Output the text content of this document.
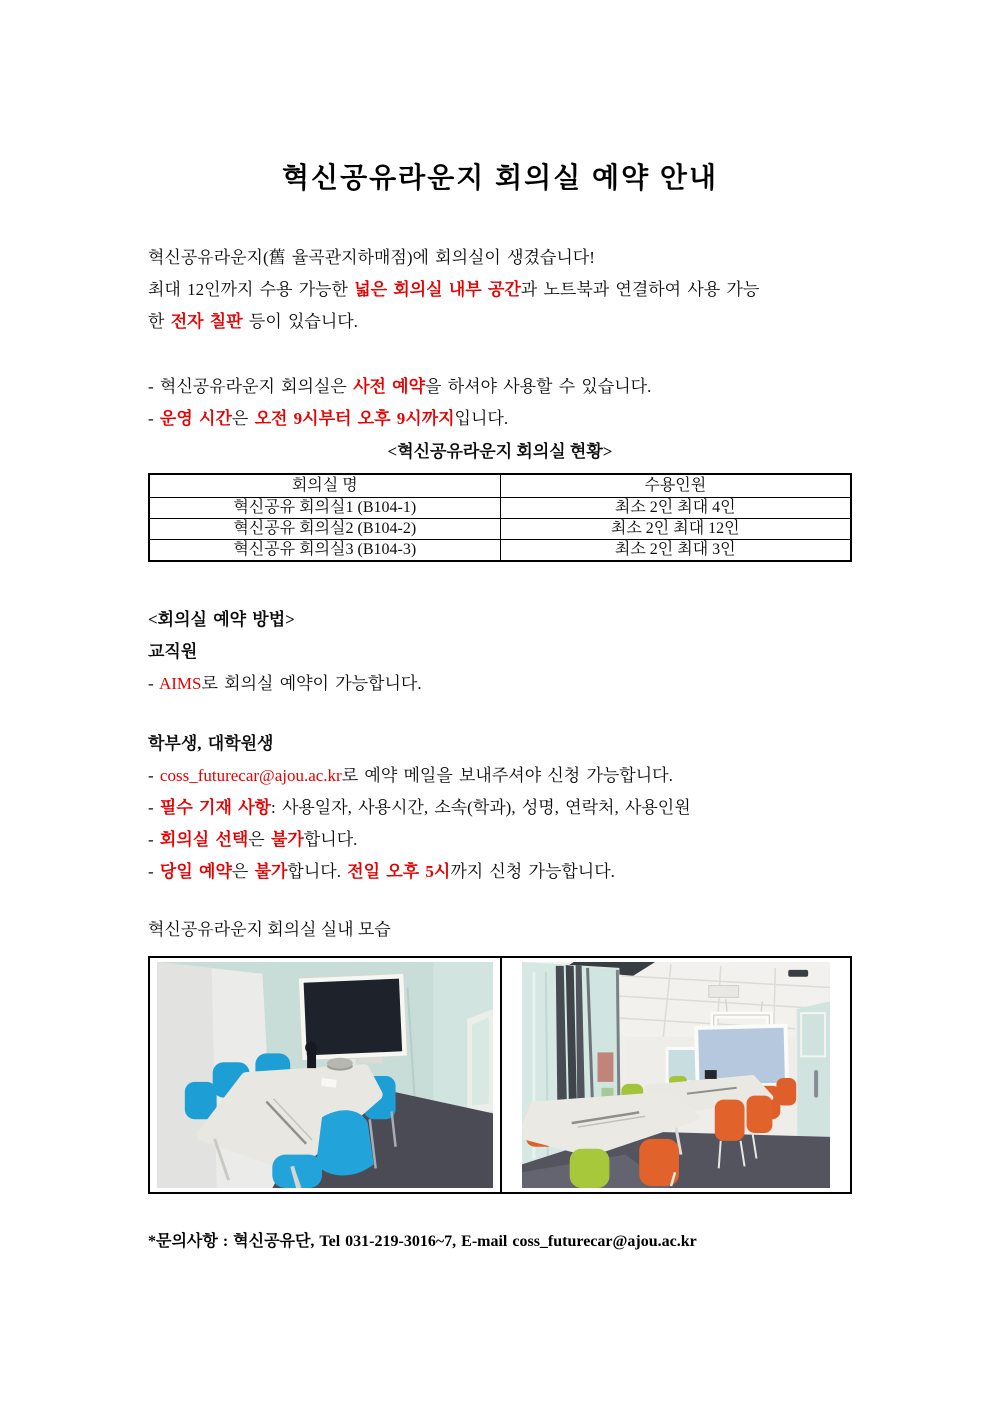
혁신공유라운지 회의실 예약 안내
혁신공유라운지(舊 율곡관지하매점)에 회의실이 생겼습니다!
최대 12인까지 수용 가능한 넓은 회의실 내부 공간과 노트북과 연결하여 사용 가능
한 전자 칠판 등이 있습니다.
- 혁신공유라운지 회의실은 사전 예약을 하셔야 사용할 수 있습니다.
- 운영 시간은 오전 9시부터 오후 9시까지입니다.
<혁신공유라운지 회의실 현황>
회의실 명	수용인원
혁신공유 회의실1 (B104-1)	최소 2인 최대 4인
혁신공유 회의실2 (B104-2)	최소 2인 최대 12인
혁신공유 회의실3 (B104-3)	최소 2인 최대 3인
<회의실 예약 방법>
교직원
- AIMS로 회의실 예약이 가능합니다.
학부생, 대학원생
- coss_futurecar@ajou.ac.kr로 예약 메일을 보내주셔야 신청 가능합니다.
- 필수 기재 사항: 사용일자, 사용시간, 소속(학과), 성명, 연락처, 사용인원
- 회의실 선택은 불가합니다.
- 당일 예약은 불가합니다. 전일 오후 5시까지 신청 가능합니다.
혁신공유라운지 회의실 실내 모습
*문의사항 : 혁신공유단, Tel 031-219-3016~7, E-mail coss_futurecar@ajou.ac.kr
